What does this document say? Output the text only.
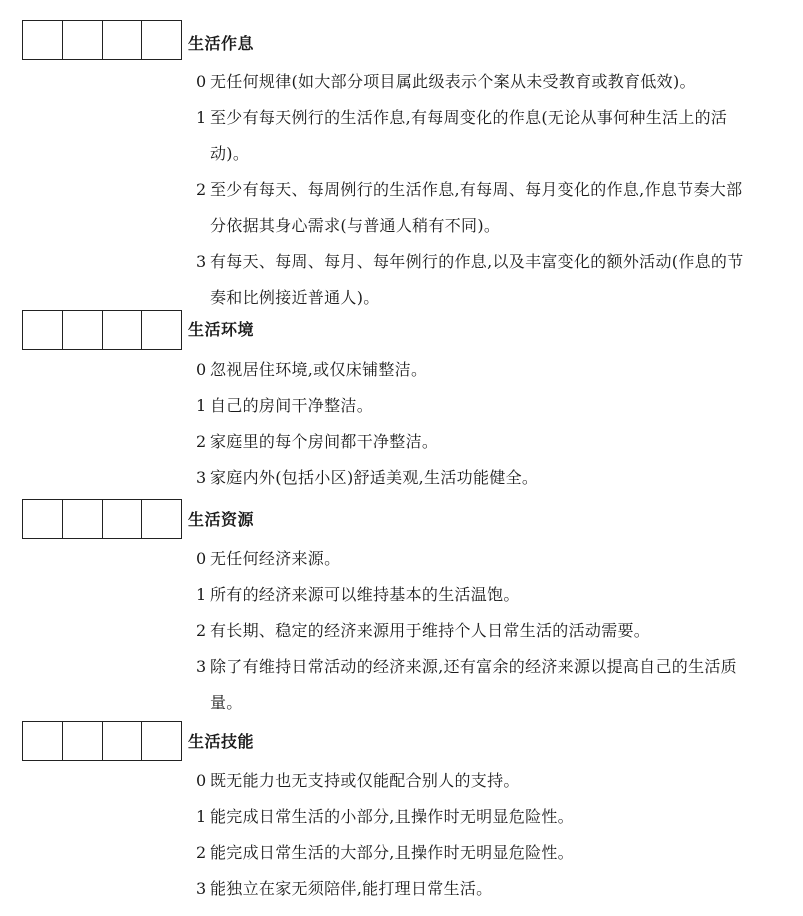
生活作息
0 无任何规律(如大部分项目属此级表示个案从未受教育或教育低效)。
1 至少有每天例行的生活作息,有每周变化的作息(无论从事何种生活上的活动)。
2 至少有每天、每周例行的生活作息,有每周、每月变化的作息,作息节奏大部分依据其身心需求(与普通人稍有不同)。
3 有每天、每周、每月、每年例行的作息,以及丰富变化的额外活动(作息的节奏和比例接近普通人)。
生活环境
0 忽视居住环境,或仅床铺整洁。
1 自己的房间干净整洁。
2 家庭里的每个房间都干净整洁。
3 家庭内外(包括小区)舒适美观,生活功能健全。
生活资源
0 无任何经济来源。
1 所有的经济来源可以维持基本的生活温饱。
2 有长期、稳定的经济来源用于维持个人日常生活的活动需要。
3 除了有维持日常活动的经济来源,还有富余的经济来源以提高自己的生活质量。
生活技能
0 既无能力也无支持或仅能配合别人的支持。
1 能完成日常生活的小部分,且操作时无明显危险性。
2 能完成日常生活的大部分,且操作时无明显危险性。
3 能独立在家无须陪伴,能打理日常生活。
